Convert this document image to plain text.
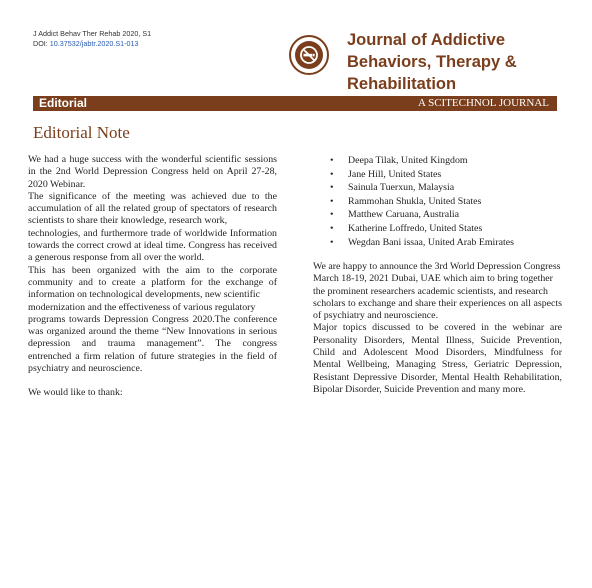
J Addict Behav Ther Rehab 2020, S1
DOI: 10.37532/jabtr.2020.S1-013	Journal of Addictive Behaviors, Therapy & Rehabilitation
Editorial	A SCITECHNOL JOURNAL
Editorial Note

We had a huge success with the wonderful scientific sessions in the 2nd World Depression Congress held on April 27-28, 2020 Webinar.

The significance of the meeting was achieved due to the accumulation of all the related group of spectators of research scientists to share their knowledge, research work,

technologies, and furthermore trade of worldwide Information towards the correct crowd at ideal time. Congress has received a generous response from all over the world.

This has been organized with the aim to the corporate community and to create a platform for the exchange of information on technological developments, new scientific

modernization and the effectiveness of various regulatory

programs towards Depression Congress 2020.The conference was organized around the theme “New Innovations in serious depression and trauma management”. The congress entrenched a firm relation of future strategies in the field of psychiatry and neuroscience.

We would like to thank:

• Deepa Tilak, United Kingdom
• Jane Hill, United States
• Sainula Tuerxun, Malaysia
• Rammohan Shukla, United States
• Matthew Caruana, Australia
• Katherine Loffredo, United States
• Wegdan Bani issaa, United Arab Emirates

We are happy to announce the 3rd World Depression Congress

March 18-19, 2021 Dubai, UAE which aim to bring together

the prominent researchers academic scientists, and research

scholars to exchange and share their experiences on all aspects of psychiatry and neuroscience.

Major topics discussed to be covered in the webinar are Personality Disorders, Mental Illness, Suicide Prevention, Child and Adolescent Mood Disorders, Mindfulness for Mental Wellbeing, Managing Stress, Geriatric Depression, Resistant Depressive Disorder, Mental Health Rehabilitation, Bipolar Disorder, Suicide Prevention and many more.
